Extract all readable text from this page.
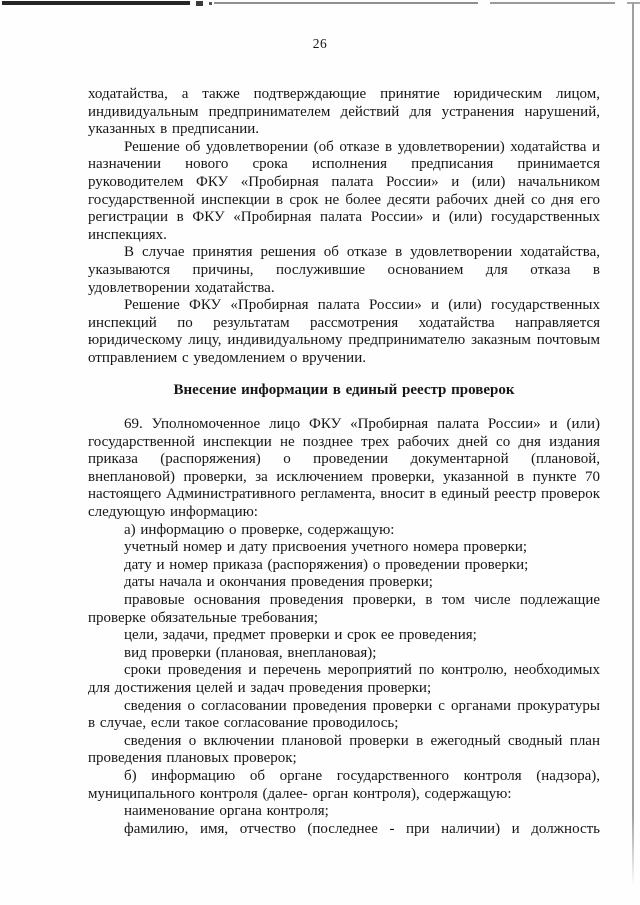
26

ходатайства, а также подтверждающие принятие юридическим лицом, индивидуальным предпринимателем действий для устранения нарушений, указанных в предписании.

Решение об удовлетворении (об отказе в удовлетворении) ходатайства и назначении нового срока исполнения предписания принимается руководителем ФКУ «Пробирная палата России» и (или) начальником государственной инспекции в срок не более десяти рабочих дней со дня его регистрации в ФКУ «Пробирная палата России» и (или) государственных инспекциях.

В случае принятия решения об отказе в удовлетворении ходатайства, указываются причины, послужившие основанием для отказа в удовлетворении ходатайства.

Решение ФКУ «Пробирная палата России» и (или) государственных инспекций по результатам рассмотрения ходатайства направляется юридическому лицу, индивидуальному предпринимателю заказным почтовым отправлением с уведомлением о вручении.

Внесение информации в единый реестр проверок

69. Уполномоченное лицо ФКУ «Пробирная палата России» и (или) государственной инспекции не позднее трех рабочих дней со дня издания приказа (распоряжения) о проведении документарной (плановой, внеплановой) проверки, за исключением проверки, указанной в пункте 70 настоящего Административного регламента, вносит в единый реестр проверок следующую информацию:

а) информацию о проверке, содержащую:

учетный номер и дату присвоения учетного номера проверки;

дату и номер приказа (распоряжения) о проведении проверки;

даты начала и окончания проведения проверки;

правовые основания проведения проверки, в том числе подлежащие проверке обязательные требования;

цели, задачи, предмет проверки и срок ее проведения;

вид проверки (плановая, внеплановая);

сроки проведения и перечень мероприятий по контролю, необходимых для достижения целей и задач проведения проверки;

сведения о согласовании проведения проверки с органами прокуратуры в случае, если такое согласование проводилось;

сведения о включении плановой проверки в ежегодный сводный план проведения плановых проверок;

б) информацию об органе государственного контроля (надзора), муниципального контроля (далее- орган контроля), содержащую:

наименование органа контроля;

фамилию, имя, отчество (последнее - при наличии) и должность
